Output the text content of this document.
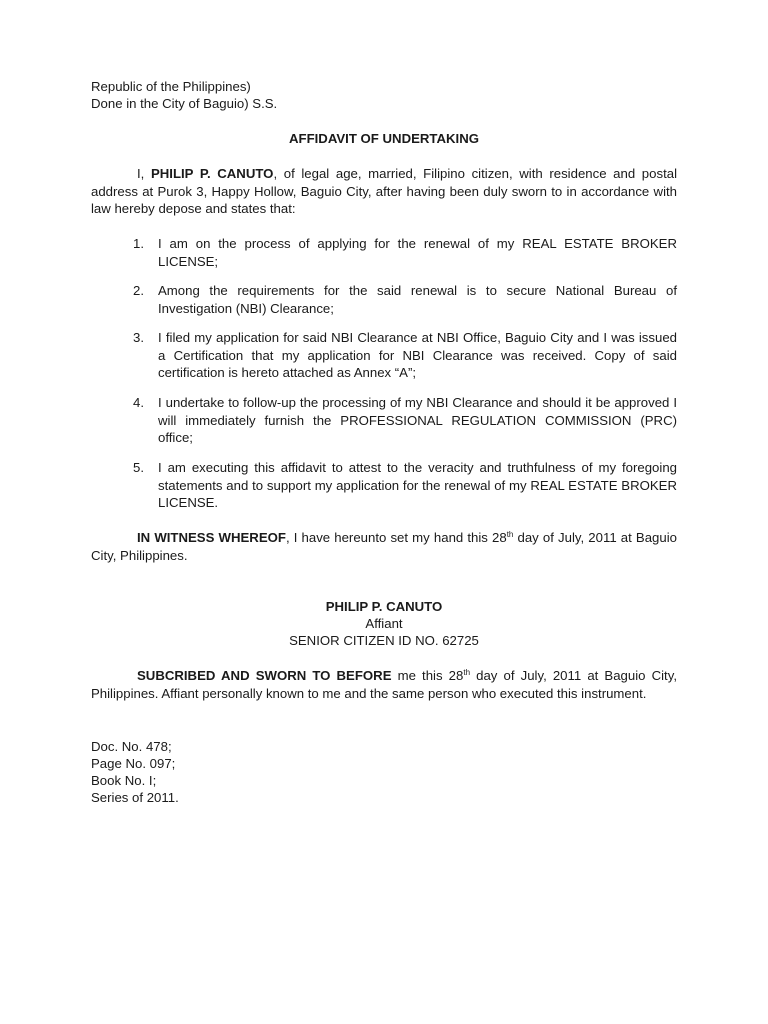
Republic of the Philippines)
Done in the City of Baguio) S.S.
AFFIDAVIT OF UNDERTAKING
I, PHILIP P. CANUTO, of legal age, married, Filipino citizen, with residence and postal address at Purok 3, Happy Hollow, Baguio City, after having been duly sworn to in accordance with law hereby depose and states that:
1.	I am on the process of applying for the renewal of my REAL ESTATE BROKER LICENSE;
2.	Among the requirements for the said renewal is to secure National Bureau of Investigation (NBI) Clearance;
3.	I filed my application for said NBI Clearance at NBI Office, Baguio City and I was issued a Certification that my application for NBI Clearance was received. Copy of said certification is hereto attached as Annex “A”;
4.	I undertake to follow-up the processing of my NBI Clearance and should it be approved I will immediately furnish the PROFESSIONAL REGULATION COMMISSION (PRC) office;
5.	I am executing this affidavit to attest to the veracity and truthfulness of my foregoing statements and to support my application for the renewal of my REAL ESTATE BROKER LICENSE.
IN WITNESS WHEREOF, I have hereunto set my hand this 28th day of July, 2011 at Baguio City, Philippines.
PHILIP P. CANUTO
Affiant
SENIOR CITIZEN ID NO. 62725
SUBCRIBED AND SWORN TO BEFORE me this 28th day of July, 2011 at Baguio City, Philippines. Affiant personally known to me and the same person who executed this instrument.
Doc. No. 478;
Page No. 097;
Book No. I;
Series of 2011.
